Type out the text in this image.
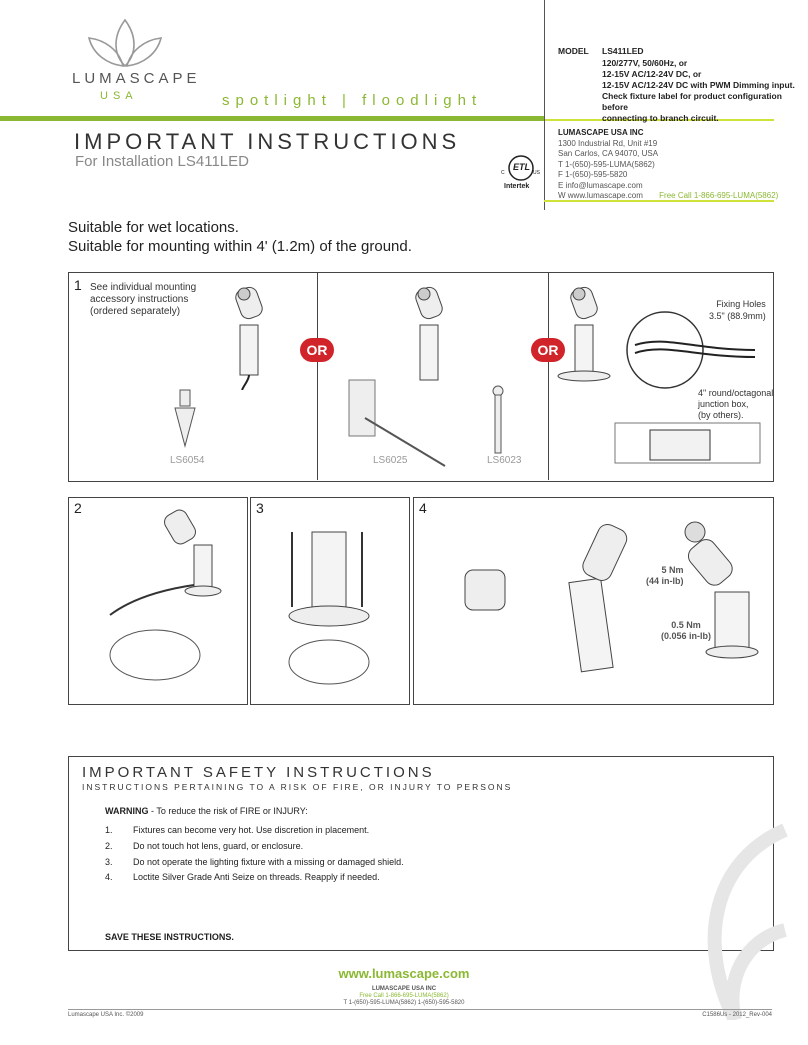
LUMASCAPE
USA	spotlight | floodlight
IMPORTANT INSTRUCTIONS
For Installation LS411LED	ETL
C	US
Intertek
MODEL LS411LED
120/277V, 50/60Hz, or
12-15V AC/12-24V DC, or
12-15V AC/12-24V DC with PWM Dimming input.
Check fixture label for product configuration before
connecting to branch circuit.
LUMASCAPE USA INC
1300 Industrial Rd, Unit #19
San Carlos, CA 94070, USA
T 1-(650)-595-LUMA(5862)
F 1-(650)-595-5820
E info@lumascape.com
W www.lumascape.com Free Call 1-866-695-LUMA(5862)
Suitable for wet locations.
Suitable for mounting within 4' (1.2m) of the ground.
1 See individual mounting
accessory instructions
(ordered separately)
OR	OR
LS6054	LS6025	LS6023
Fixing Holes
3.5" (88.9mm)
4" round/octagonal
junction box,
(by others).
2	3	4
5 Nm
(44 in-lb)
0.5 Nm
(0.056 in-lb)
IMPORTANT SAFETY INSTRUCTIONS
INSTRUCTIONS PERTAINING TO A RISK OF FIRE, OR INJURY TO PERSONS
WARNING - To reduce the risk of FIRE or INJURY:
1. Fixtures can become very hot. Use discretion in placement.
2. Do not touch hot lens, guard, or enclosure.
3. Do not operate the lighting fixture with a missing or damaged shield.
4. Loctite Silver Grade Anti Seize on threads. Reapply if needed.
SAVE THESE INSTRUCTIONS.
www.lumascape.com
LUMASCAPE USA INC
Free Call 1-866-695-LUMA(5862)
T 1-(650)-595-LUMA(5862) 1-(650)-595-5820
Lumascape USA Inc. ©2009	C1586Us - 2012_Rev-004
